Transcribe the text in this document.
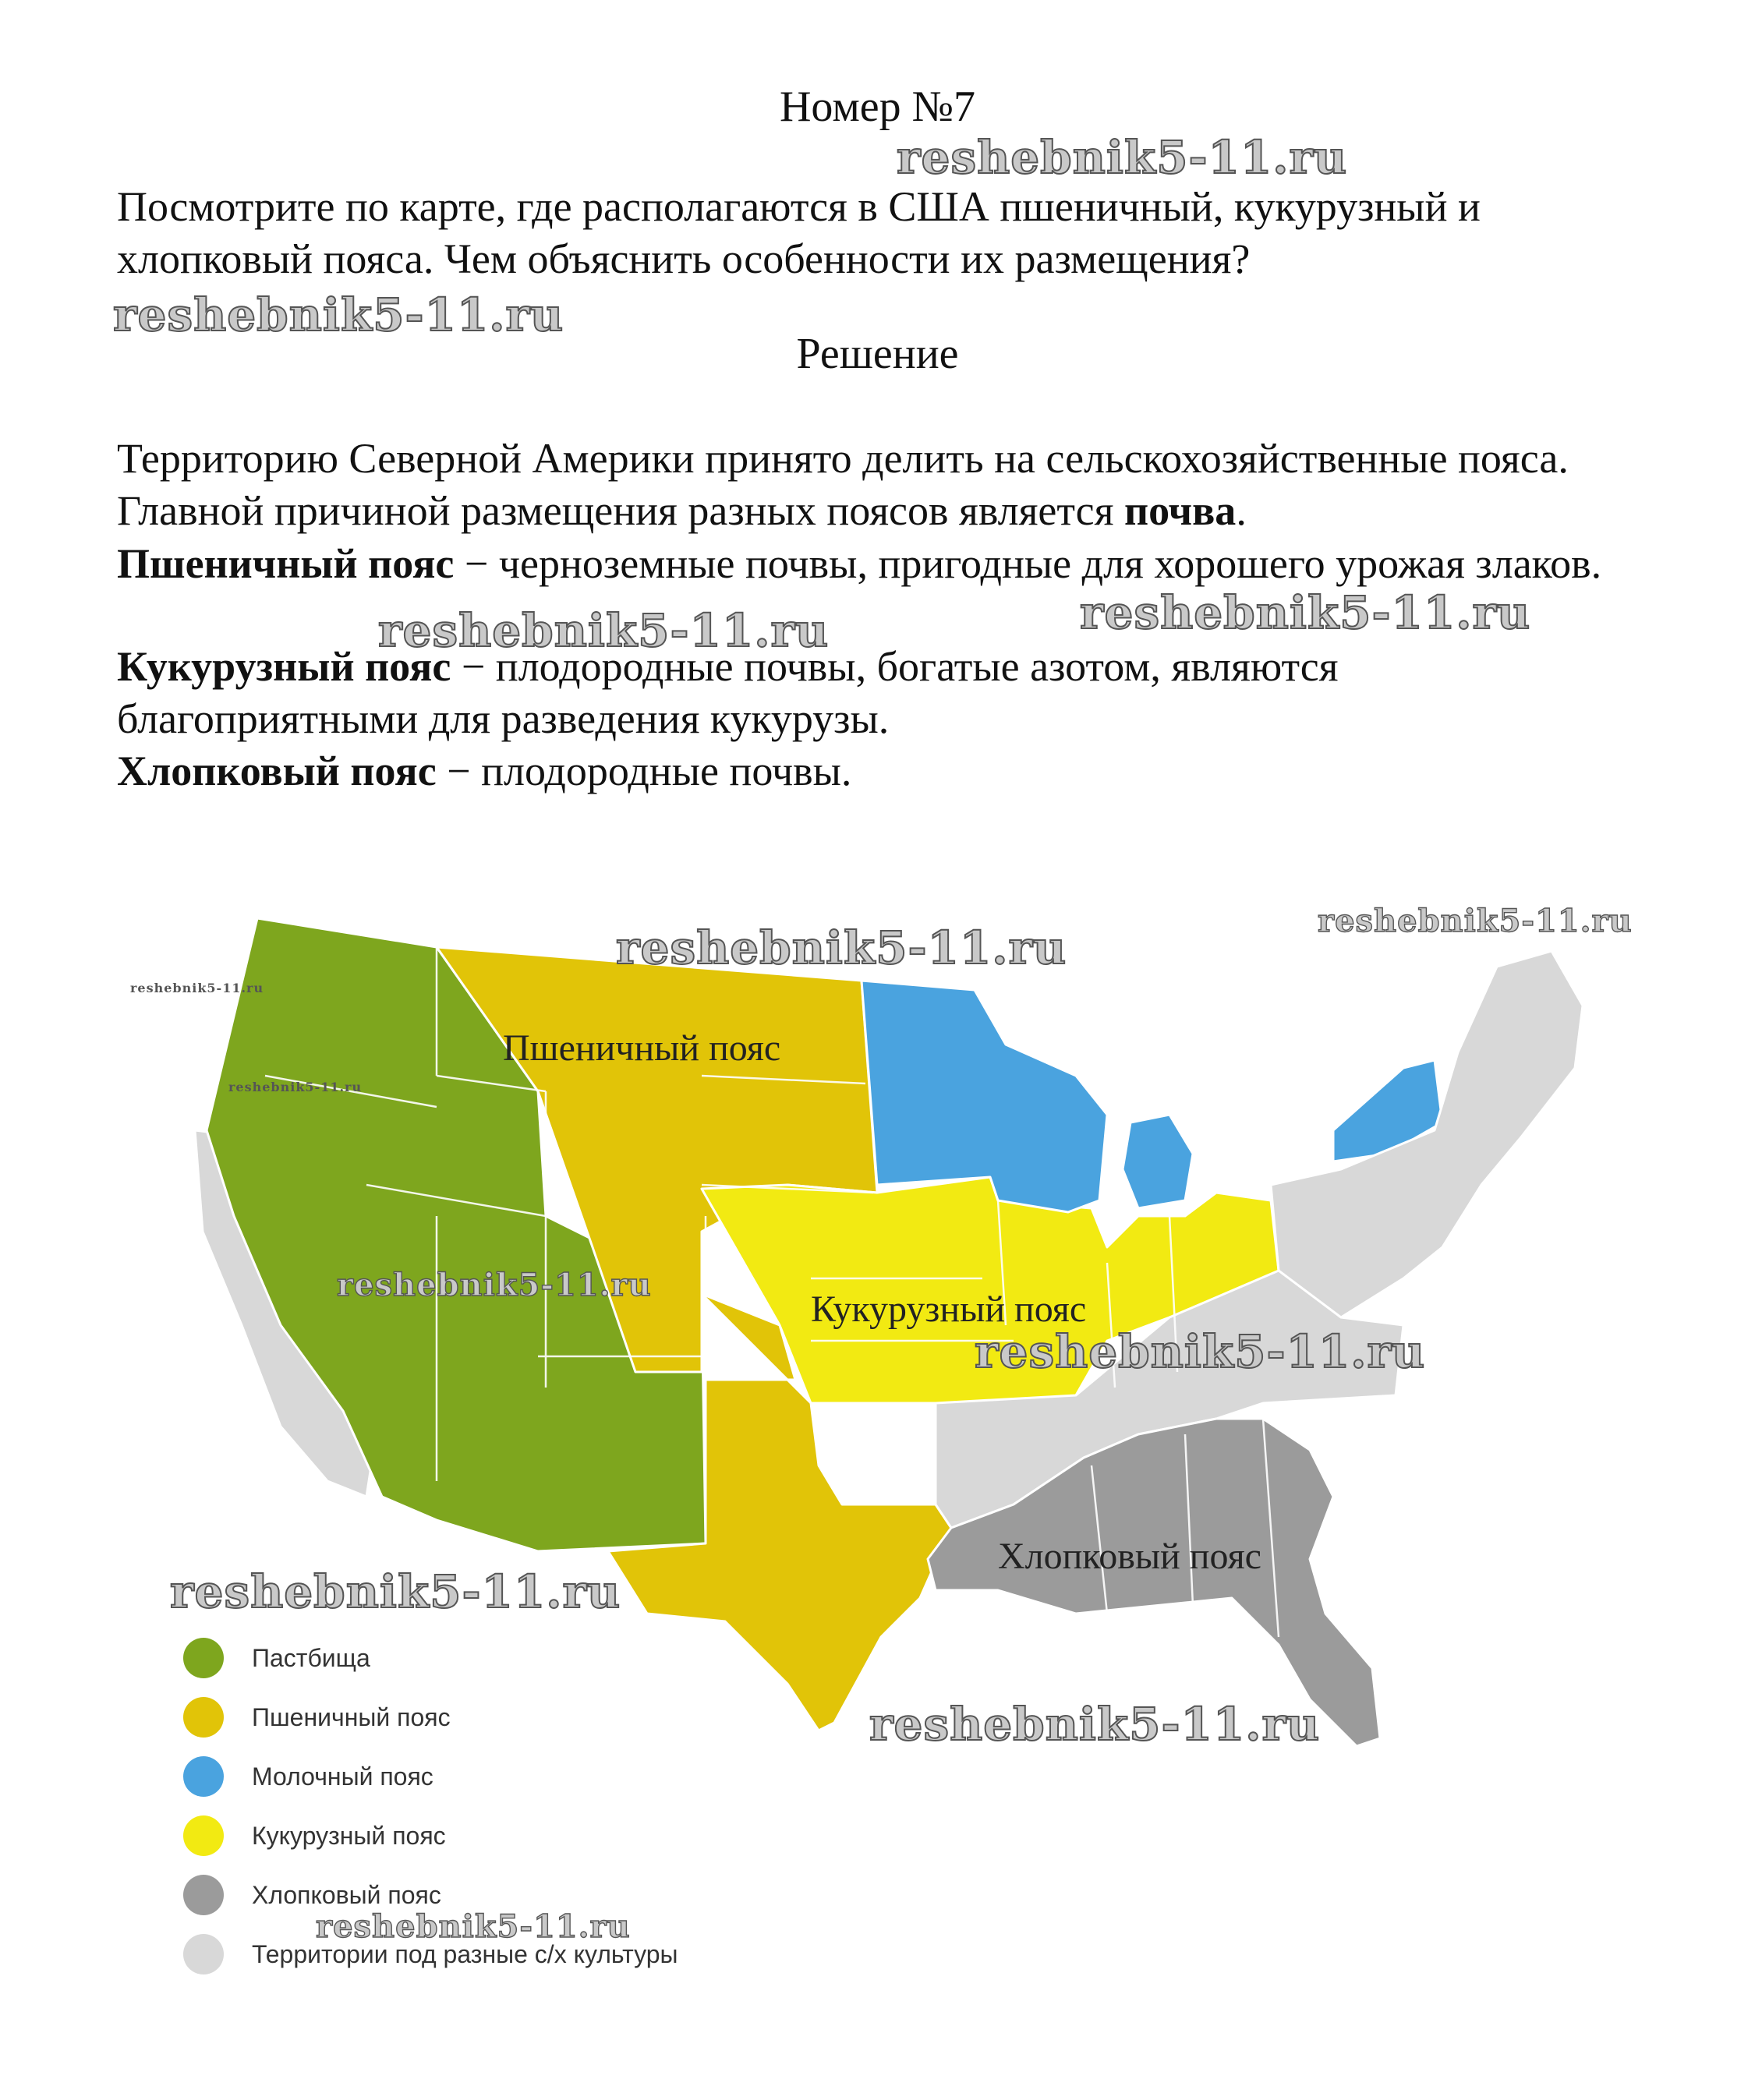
Номер №7
Посмотрите по карте, где располагаются в США пшеничный, кукурузный и хлопковый пояса. Чем объяснить особенности их размещения?
Решение
Территорию Северной Америки принято делить на сельскохозяйственные пояса. Главной причиной размещения разных поясов является почва.
Пшеничный пояс − черноземные почвы, пригодные для хорошего урожая злаков.
Кукурузный пояс − плодородные почвы, богатые азотом, являются благоприятными для разведения кукурузы.
Хлопковый пояс − плодородные почвы.
Пшеничный пояс
Кукурузный пояс
Хлопковый пояс
Пастбища
Пшеничный пояс
Молочный пояс
Кукурузный пояс
Хлопковый пояс
Территории под разные с/х культуры
reshebnik5-11.ru
reshebnik5-11.ru
reshebnik5-11.ru	reshebnik5-11.ru
reshebnik5-11.ru
reshebnik5-11.ru
reshebnik5-11.ru
reshebnik5-11.ru
reshebnik5-11.ru
reshebnik5-11.ru
reshebnik5-11.ru
reshebnik5-11.ru
reshebnik5-11.ru
